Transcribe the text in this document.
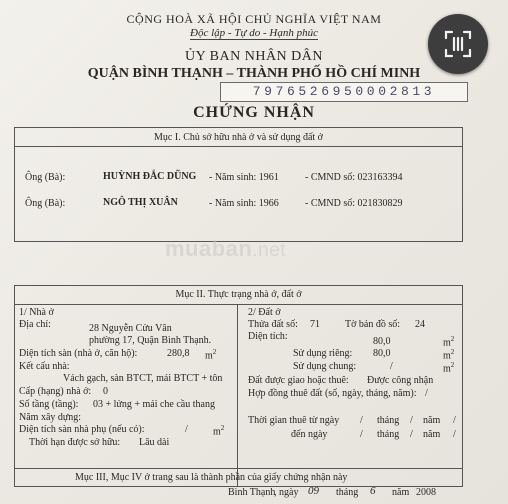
CỘNG HOÀ XÃ HỘI CHỦ NGHĨA VIỆT NAM
Độc lập - Tự do - Hạnh phúc
ỦY BAN NHÂN DÂN
QUẬN BÌNH THẠNH – THÀNH PHỐ HỒ CHÍ MINH
7976526950002813
CHỨNG NHẬN
Mục I. Chủ sở hữu nhà ở và sử dụng đất ở
Ông (Bà):	HUỲNH ĐẮC DŨNG - Năm sinh: 1961	- CMND số: 023163394
Ông (Bà):	NGÔ THỊ XUÂN	- Năm sinh: 1966	- CMND số: 021830829
muaban.net
Mục II. Thực trạng nhà ở, đất ở
1/ Nhà ở
Địa chỉ:	28 Nguyễn Cửu Vân
phường 17, Quận Bình Thạnh.
Diện tích sàn (nhà ở, căn hộ):	280,8 $m^2$
Kết cấu nhà:
Vách gạch, sàn BTCT, mái BTCT + tôn
Cấp (hạng) nhà ở: 0
Số tầng (tầng): 03 + lửng + mái che cầu thang
Năm xây dựng:
Diện tích sàn nhà phụ (nếu có):	/	$m^2$
Thời hạn được sở hữu: Lâu dài
2/ Đất ở
Thửa đất số: 71	Tờ bản đồ số: 24
Diện tích:	80,0	$m^2$
Sử dụng riêng: 80,0	$m^2$
Sử dụng chung:	/	$m^2$
Đất được giao hoặc thuê: Được công nhận
Hợp đồng thuê đất (số, ngày, tháng, năm): /
Thời gian thuê từ ngày / tháng / năm /
đến ngày	/ tháng / năm /
Mục III, Mục IV ở trang sau là thành phần của giấy chứng nhận này
Bình Thạnh
, ngày 09 tháng 6 năm 2008
